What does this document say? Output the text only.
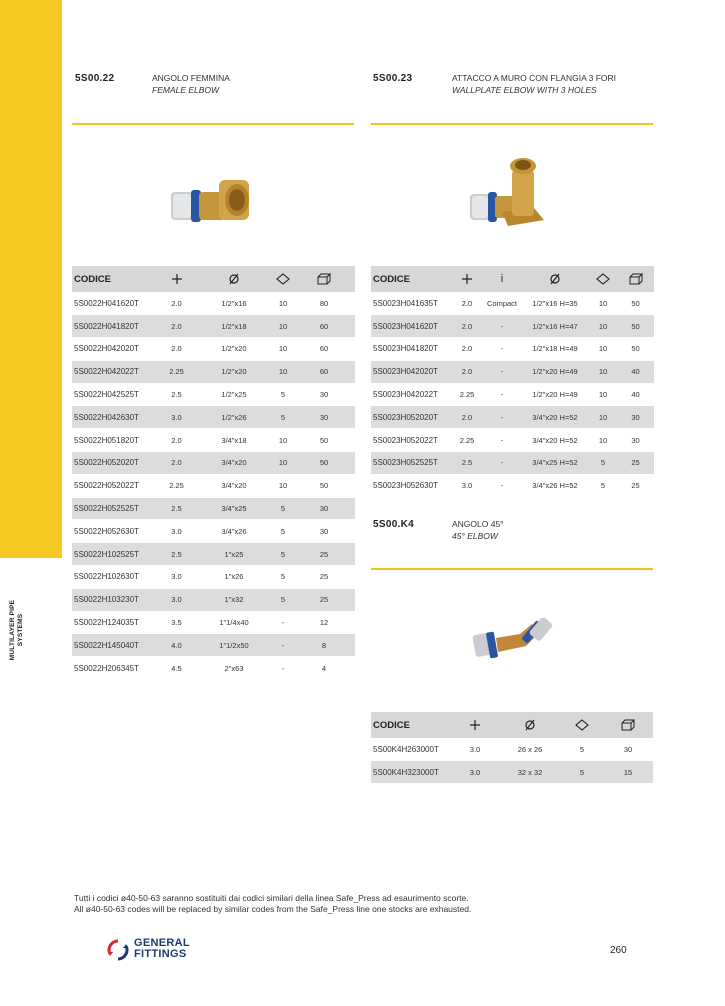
MULTILAYER PIPE
SYSTEMS
5S00.22	ANGOLO FEMMINA
FEMALE ELBOW
CODICE				
5S0022H041620T	2.0	1/2"x16	10	80
5S0022H041820T	2.0	1/2"x18	10	60
5S0022H042020T	2.0	1/2"x20	10	60
5S0022H042022T	2.25	1/2"x20	10	60
5S0022H042525T	2.5	1/2"x25	5	30
5S0022H042630T	3.0	1/2"x26	5	30
5S0022H051820T	2.0	3/4"x18	10	50
5S0022H052020T	2.0	3/4"x20	10	50
5S0022H052022T	2.25	3/4"x20	10	50
5S0022H052525T	2.5	3/4"x25	5	30
5S0022H052630T	3.0	3/4"x26	5	30
5S0022H102525T	2.5	1"x25	5	25
5S0022H102630T	3.0	1"x26	5	25
5S0022H103230T	3.0	1"x32	5	25
5S0022H124035T	3.5	1"1/4x40	-	12
5S0022H145040T	4.0	1"1/2x50	-	8
5S0022H206345T	4.5	2"x63	-	4
5S00.23	ATTACCO A MURO CON FLANGIA 3 FORI
WALLPLATE ELBOW WITH 3 HOLES
CODICE		i			
5S0023H041635T	2.0	Compact	1/2"x16 H=35	10	50
5S0023H041620T	2.0	-	1/2"x16 H=47	10	50
5S0023H041820T	2.0	-	1/2"x18 H=49	10	50
5S0023H042020T	2.0	-	1/2"x20 H=49	10	40
5S0023H042022T	2.25	-	1/2"x20 H=49	10	40
5S0023H052020T	2.0	-	3/4"x20 H=52	10	30
5S0023H052022T	2.25	-	3/4"x20 H=52	10	30
5S0023H052525T	2.5	-	3/4"x25 H=52	5	25
5S0023H052630T	3.0	-	3/4"x26 H=52	5	25
5S00.K4	ANGOLO 45°
45° ELBOW
CODICE				
5S00K4H263000T	3.0	26 x 26	5	30
5S00K4H323000T	3.0	32 x 32	5	15
Tutti i codici ø40-50-63 saranno sostituiti dai codici similari della linea Safe_Press ad esaurimento scorte.
All ø40-50-63 codes will be replaced by similar codes from the Safe_Press line one stocks are exhausted.
GENERAL
FITTINGS	260
